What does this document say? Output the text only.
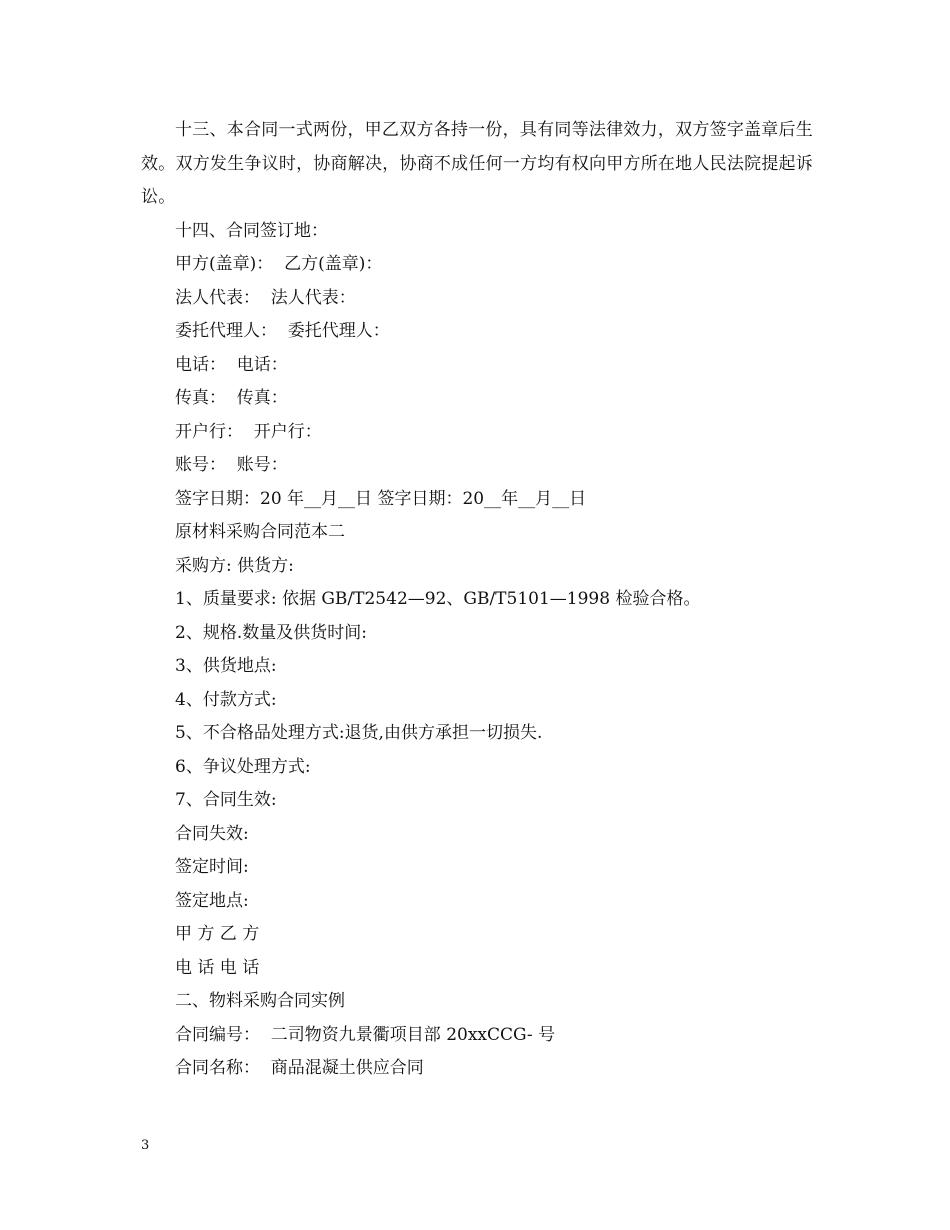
十三、本合同一式两份，甲乙双方各持一份，具有同等法律效力，双方签字盖章后生效。双方发生争议时，协商解决，协商不成任何一方均有权向甲方所在地人民法院提起诉讼。

十四、合同签订地：

甲方(盖章)：  乙方(盖章)：

法人代表：  法人代表：

委托代理人：  委托代理人：

电话：  电话：

传真：  传真：

开户行：  开户行：

账号：  账号：

签字日期：20 年__月__日 签字日期：20__年__月__日

原材料采购合同范本二

采购方: 供货方:

1、质量要求: 依据 GB/T2542—92、GB/T5101—1998 检验合格。

2、规格.数量及供货时间:

3、供货地点:

4、付款方式:

5、不合格品处理方式:退货,由供方承担一切损失.

6、争议处理方式:

7、合同生效:

合同失效:

签定时间:

签定地点:

甲 方 乙 方

电 话 电 话

二、物料采购合同实例

合同编号：  二司物资九景衢项目部 20xxCCG- 号

合同名称：  商品混凝土供应合同

3
